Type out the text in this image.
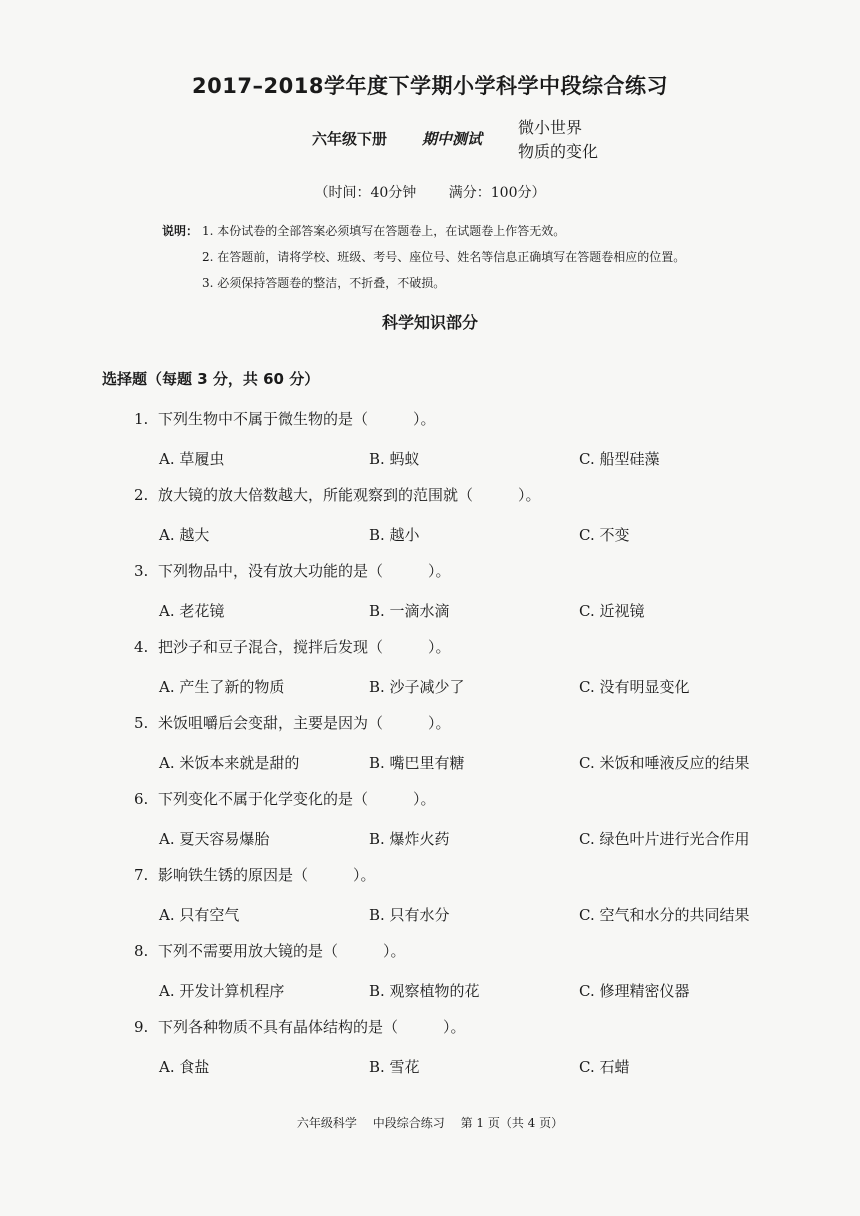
2017–2018学年度下学期小学科学中段综合练习
六年级下册 期中测试
微小世界
物质的变化
（时间：40分钟 满分：100分）
说明： 1. 本份试卷的全部答案必须填写在答题卷上，在试题卷上作答无效。
2. 在答题前，请将学校、班级、考号、座位号、姓名等信息正确填写在答题卷相应的位置。
3. 必须保持答题卷的整洁，不折叠，不破损。
科学知识部分
选择题（每题 3 分，共 60 分）
1. 下列生物中不属于微生物的是（　　　）。
A. 草履虫	B. 蚂蚁	C. 船型硅藻
2. 放大镜的放大倍数越大，所能观察到的范围就（　　　）。
A. 越大	B. 越小	C. 不变
3. 下列物品中，没有放大功能的是（　　　）。
A. 老花镜	B. 一滴水滴	C. 近视镜
4. 把沙子和豆子混合，搅拌后发现（　　　）。
A. 产生了新的物质	B. 沙子减少了	C. 没有明显变化
5. 米饭咀嚼后会变甜，主要是因为（　　　）。
A. 米饭本来就是甜的	B. 嘴巴里有糖	C. 米饭和唾液反应的结果
6. 下列变化不属于化学变化的是（　　　）。
A. 夏天容易爆胎	B. 爆炸火药	C. 绿色叶片进行光合作用
7. 影响铁生锈的原因是（　　　）。
A. 只有空气	B. 只有水分	C. 空气和水分的共同结果
8. 下列不需要用放大镜的是（　　　）。
A. 开发计算机程序	B. 观察植物的花	C. 修理精密仪器
9. 下列各种物质不具有晶体结构的是（　　　）。
A. 食盐	B. 雪花	C. 石蜡
六年级科学 中段综合练习 第 1 页（共 4 页）
